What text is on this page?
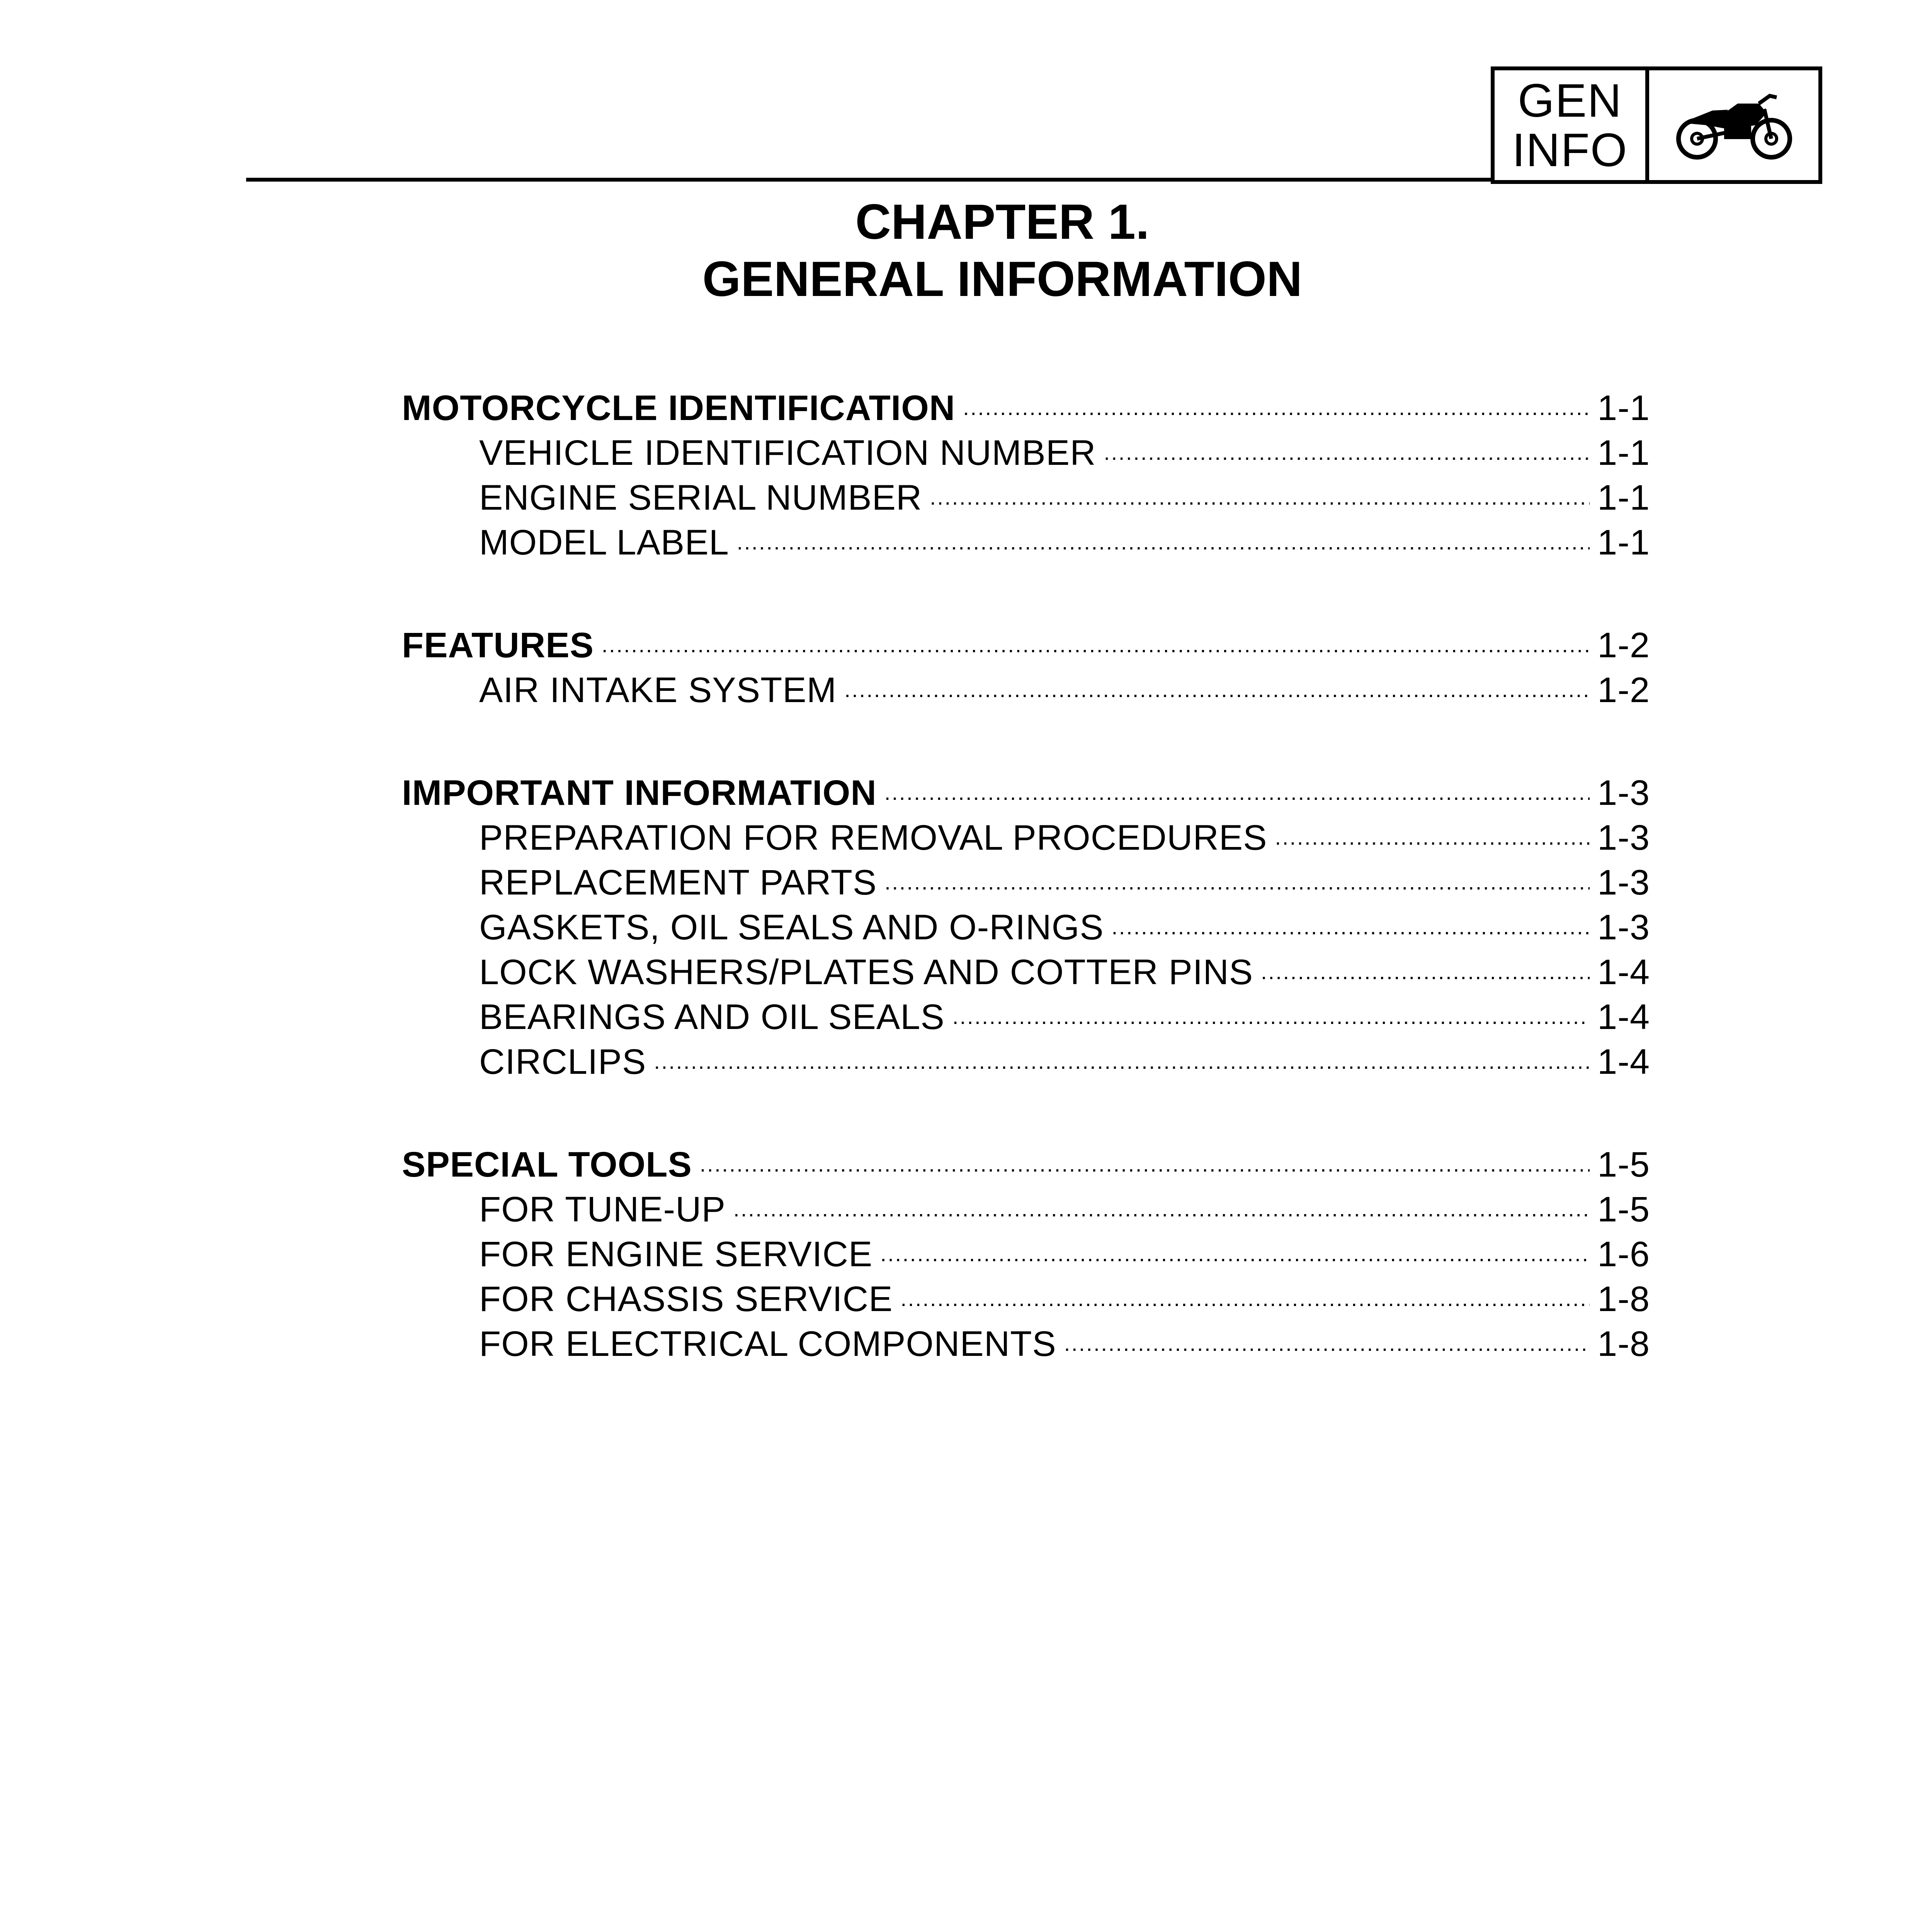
GEN
INFO
CHAPTER 1.
GENERAL INFORMATION
MOTORCYCLE IDENTIFICATION . . .	1-1
VEHICLE IDENTIFICATION NUMBER . . .	1-1
ENGINE SERIAL NUMBER . . .	1-1
MODEL LABEL . . .	1-1
FEATURES . . .	1-2
AIR INTAKE SYSTEM . . .	1-2
IMPORTANT INFORMATION . . .	1-3
PREPARATION FOR REMOVAL PROCEDURES . . .	1-3
REPLACEMENT PARTS . . .	1-3
GASKETS, OIL SEALS AND O-RINGS . . .	1-3
LOCK WASHERS/PLATES AND COTTER PINS . . .	1-4
BEARINGS AND OIL SEALS . . .	1-4
CIRCLIPS . . .	1-4
SPECIAL TOOLS . . .	1-5
FOR TUNE-UP . . .	1-5
FOR ENGINE SERVICE . . .	1-6
FOR CHASSIS SERVICE . . .	1-8
FOR ELECTRICAL COMPONENTS . . .	1-8
